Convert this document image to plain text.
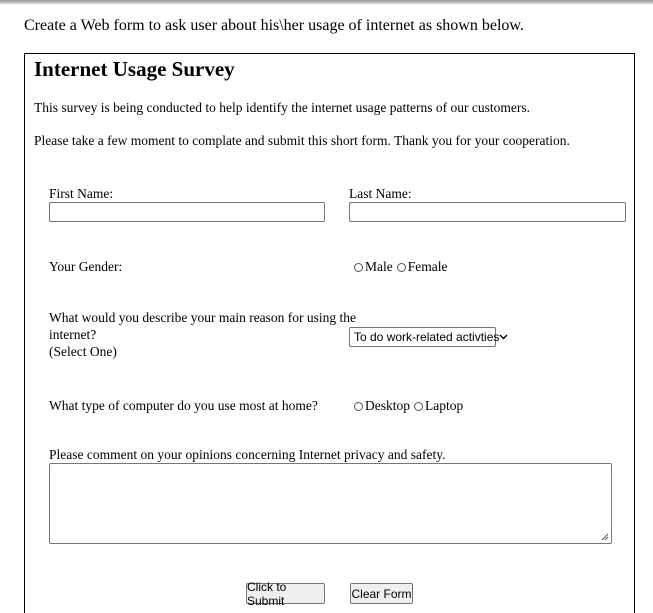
Create a Web form to ask user about his\her usage of internet as shown below.
Internet Usage Survey
This survey is being conducted to help identify the internet usage patterns of our customers.
Please take a few moment to complate and submit this short form. Thank you for your cooperation.
First Name:	Last Name:
Your Gender:	Male Female
What would you describe your main reason for using the
internet?
(Select One)
To do work-related activties
What type of computer do you use most at home?	Desktop Laptop
Please comment on your opinions concerning Internet privacy and safety.
Click to Submit	Clear Form
